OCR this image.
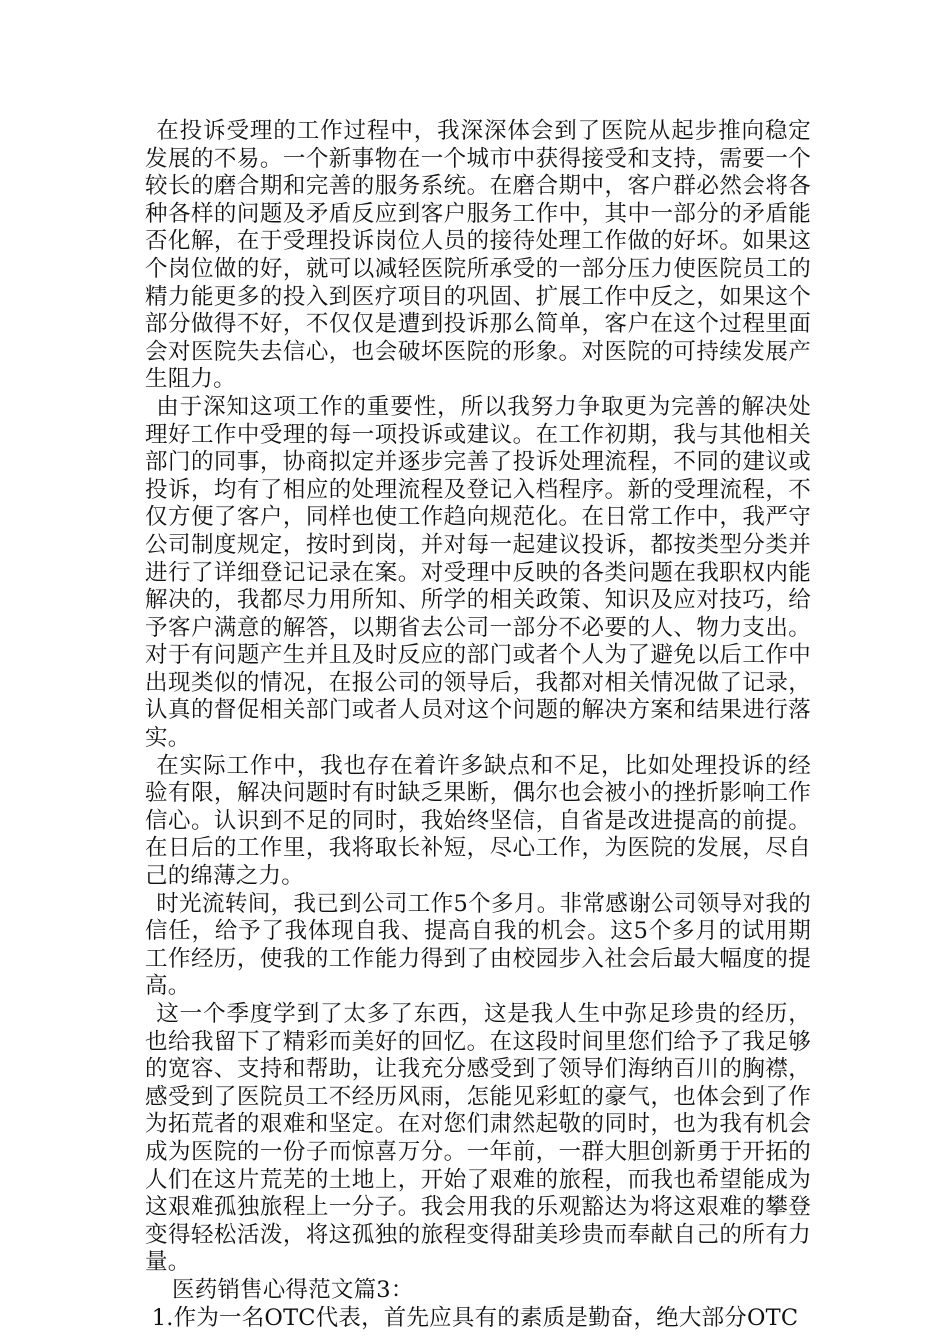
在投诉受理的工作过程中，我深深体会到了医院从起步推向稳定发展的不易。一个新事物在一个城市中获得接受和支持，需要一个较长的磨合期和完善的服务系统。在磨合期中，客户群必然会将各种各样的问题及矛盾反应到客户服务工作中，其中一部分的矛盾能否化解，在于受理投诉岗位人员的接待处理工作做的好坏。如果这个岗位做的好，就可以减轻医院所承受的一部分压力使医院员工的精力能更多的投入到医疗项目的巩固、扩展工作中反之，如果这个部分做得不好，不仅仅是遭到投诉那么简单，客户在这个过程里面会对医院失去信心，也会破坏医院的形象。对医院的可持续发展产生阻力。

由于深知这项工作的重要性，所以我努力争取更为完善的解决处理好工作中受理的每一项投诉或建议。在工作初期，我与其他相关部门的同事，协商拟定并逐步完善了投诉处理流程，不同的建议或投诉，均有了相应的处理流程及登记入档程序。新的受理流程，不仅方便了客户，同样也使工作趋向规范化。在日常工作中，我严守公司制度规定，按时到岗，并对每一起建议投诉，都按类型分类并进行了详细登记记录在案。对受理中反映的各类问题在我职权内能解决的，我都尽力用所知、所学的相关政策、知识及应对技巧，给予客户满意的解答，以期省去公司一部分不必要的人、物力支出。对于有问题产生并且及时反应的部门或者个人为了避免以后工作中出现类似的情况，在报公司的领导后，我都对相关情况做了记录，认真的督促相关部门或者人员对这个问题的解决方案和结果进行落实。

在实际工作中，我也存在着许多缺点和不足，比如处理投诉的经验有限，解决问题时有时缺乏果断，偶尔也会被小的挫折影响工作信心。认识到不足的同时，我始终坚信，自省是改进提高的前提。在日后的工作里，我将取长补短，尽心工作，为医院的发展，尽自己的绵薄之力。

时光流转间，我已到公司工作5个多月。非常感谢公司领导对我的信任，给予了我体现自我、提高自我的机会。这5个多月的试用期工作经历，使我的工作能力得到了由校园步入社会后最大幅度的提高。

这一个季度学到了太多了东西，这是我人生中弥足珍贵的经历，也给我留下了精彩而美好的回忆。在这段时间里您们给予了我足够的宽容、支持和帮助，让我充分感受到了领导们海纳百川的胸襟，感受到了医院员工不经历风雨，怎能见彩虹的豪气，也体会到了作为拓荒者的艰难和坚定。在对您们肃然起敬的同时，也为我有机会成为医院的一份子而惊喜万分。一年前，一群大胆创新勇于开拓的人们在这片荒芜的土地上，开始了艰难的旅程，而我也希望能成为这艰难孤独旅程上一分子。我会用我的乐观豁达为将这艰难的攀登变得轻松活泼，将这孤独的旅程变得甜美珍贵而奉献自己的所有力量。

医药销售心得范文篇3：

1.作为一名OTC代表，首先应具有的素质是勤奋，绝大部分OTC
